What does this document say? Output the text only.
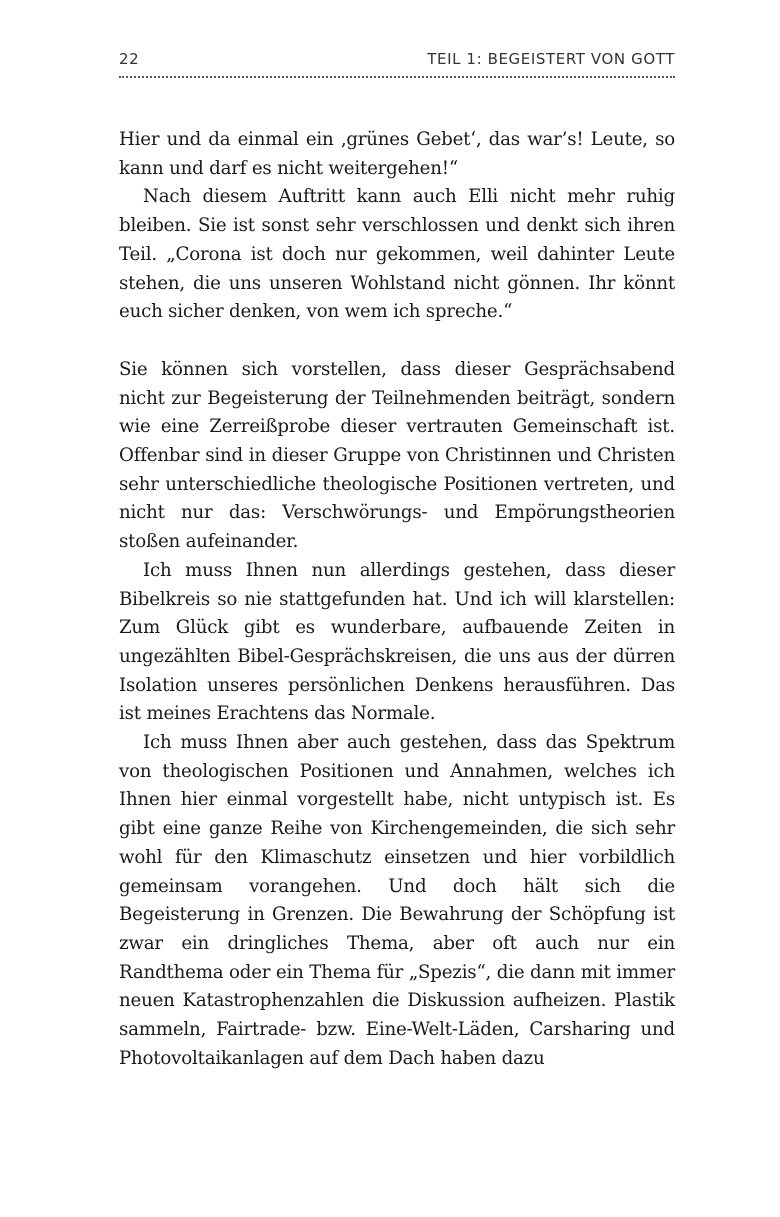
22	TEIL 1: BEGEISTERT VON GOTT

Hier und da einmal ein ‚grünes Gebet‘, das war’s! Leute, so kann und darf es nicht weitergehen!“

Nach diesem Auftritt kann auch Elli nicht mehr ruhig bleiben. Sie ist sonst sehr verschlossen und denkt sich ihren Teil. „Corona ist doch nur gekommen, weil dahinter Leute stehen, die uns unseren Wohlstand nicht gönnen. Ihr könnt euch sicher denken, von wem ich spreche.“

Sie können sich vorstellen, dass dieser Gesprächsabend nicht zur Begeisterung der Teilnehmenden beiträgt, sondern wie eine Zerreißprobe dieser vertrauten Gemeinschaft ist. Offenbar sind in dieser Gruppe von Christinnen und Christen sehr unterschiedliche theologische Positionen vertreten, und nicht nur das: Verschwörungs- und Empörungstheorien stoßen aufeinander.

Ich muss Ihnen nun allerdings gestehen, dass dieser Bibelkreis so nie stattgefunden hat. Und ich will klarstellen: Zum Glück gibt es wunderbare, aufbauende Zeiten in ungezählten Bibel-Gesprächskreisen, die uns aus der dürren Isolation unseres persönlichen Denkens herausführen. Das ist meines Erachtens das Normale.

Ich muss Ihnen aber auch gestehen, dass das Spektrum von theologischen Positionen und Annahmen, welches ich Ihnen hier einmal vorgestellt habe, nicht untypisch ist. Es gibt eine ganze Reihe von Kirchengemeinden, die sich sehr wohl für den Klimaschutz einsetzen und hier vorbildlich gemeinsam vorangehen. Und doch hält sich die Begeisterung in Grenzen. Die Bewahrung der Schöpfung ist zwar ein dringliches Thema, aber oft auch nur ein Randthema oder ein Thema für „Spezis“, die dann mit immer neuen Katastrophenzahlen die Diskussion aufheizen. Plastik sammeln, Fairtrade- bzw. Eine-Welt-Läden, Carsharing und Photovoltaikanlagen auf dem Dach haben dazu
